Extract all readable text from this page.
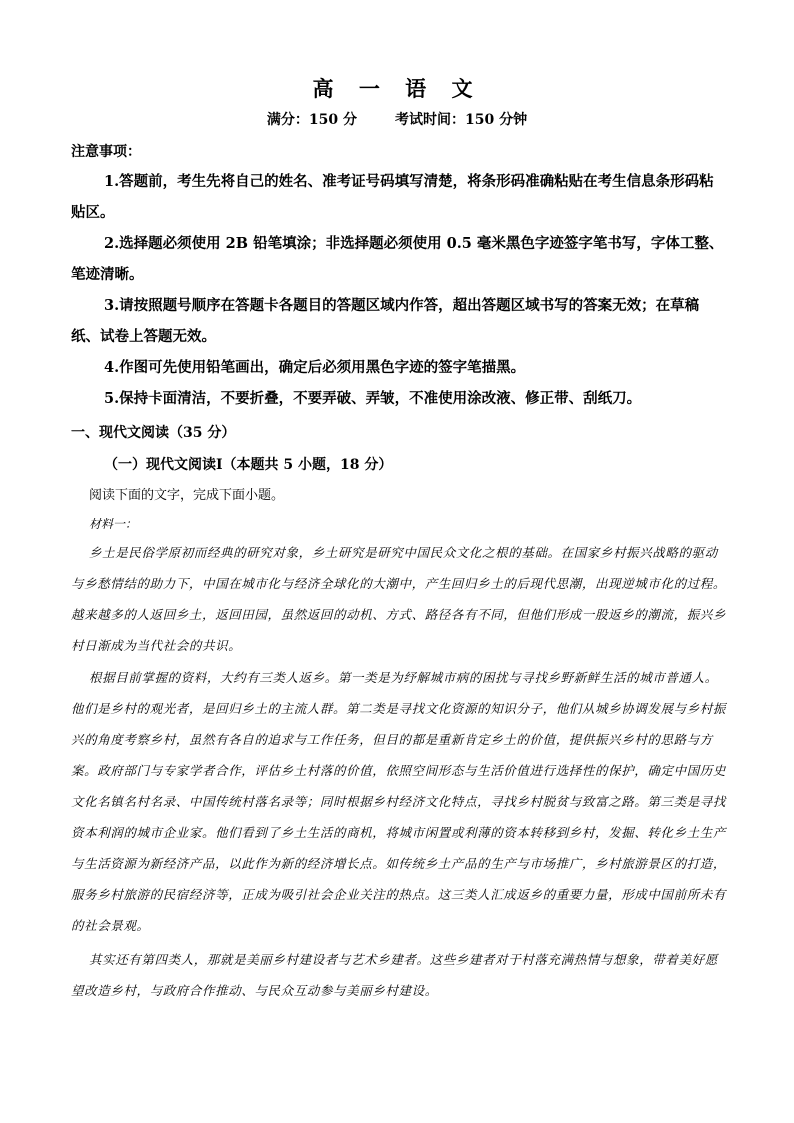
高 一 语 文
满分：150 分	考试时间：150 分钟
注意事项：

1.答题前，考生先将自己的姓名、准考证号码填写清楚，将条形码准确粘贴在考生信息条形码粘贴区。

2.选择题必须使用 2B 铅笔填涂；非选择题必须使用 0.5 毫米黑色字迹签字笔书写，字体工整、笔迹清晰。

3.请按照题号顺序在答题卡各题目的答题区域内作答，超出答题区域书写的答案无效；在草稿纸、试卷上答题无效。

4.作图可先使用铅笔画出，确定后必须用黑色字迹的签字笔描黑。

5.保持卡面清洁，不要折叠，不要弄破、弄皱，不准使用涂改液、修正带、刮纸刀。

一、现代文阅读（35 分）
（一）现代文阅读Ⅰ（本题共 5 小题，18 分）
阅读下面的文字，完成下面小题。
材料一：

乡土是民俗学原初而经典的研究对象，乡土研究是研究中国民众文化之根的基础。在国家乡村振兴战略的驱动与乡愁情结的助力下，中国在城市化与经济全球化的大潮中，产生回归乡土的后现代思潮，出现逆城市化的过程。越来越多的人返回乡土，返回田园，虽然返回的动机、方式、路径各有不同，但他们形成一股返乡的潮流，振兴乡村日渐成为当代社会的共识。

根据目前掌握的资料，大约有三类人返乡。第一类是为纾解城市病的困扰与寻找乡野新鲜生活的城市普通人。他们是乡村的观光者，是回归乡土的主流人群。第二类是寻找文化资源的知识分子，他们从城乡协调发展与乡村振兴的角度考察乡村，虽然有各自的追求与工作任务，但目的都是重新肯定乡土的价值，提供振兴乡村的思路与方案。政府部门与专家学者合作，评估乡土村落的价值，依照空间形态与生活价值进行选择性的保护，确定中国历史文化名镇名村名录、中国传统村落名录等；同时根据乡村经济文化特点，寻找乡村脱贫与致富之路。第三类是寻找资本利润的城市企业家。他们看到了乡土生活的商机，将城市闲置或利薄的资本转移到乡村，发掘、转化乡土生产与生活资源为新经济产品，以此作为新的经济增长点。如传统乡土产品的生产与市场推广，乡村旅游景区的打造，服务乡村旅游的民宿经济等，正成为吸引社会企业关注的热点。这三类人汇成返乡的重要力量，形成中国前所未有的社会景观。

其实还有第四类人，那就是美丽乡村建设者与艺术乡建者。这些乡建者对于村落充满热情与想象，带着美好愿望改造乡村，与政府合作推动、与民众互动参与美丽乡村建设。
